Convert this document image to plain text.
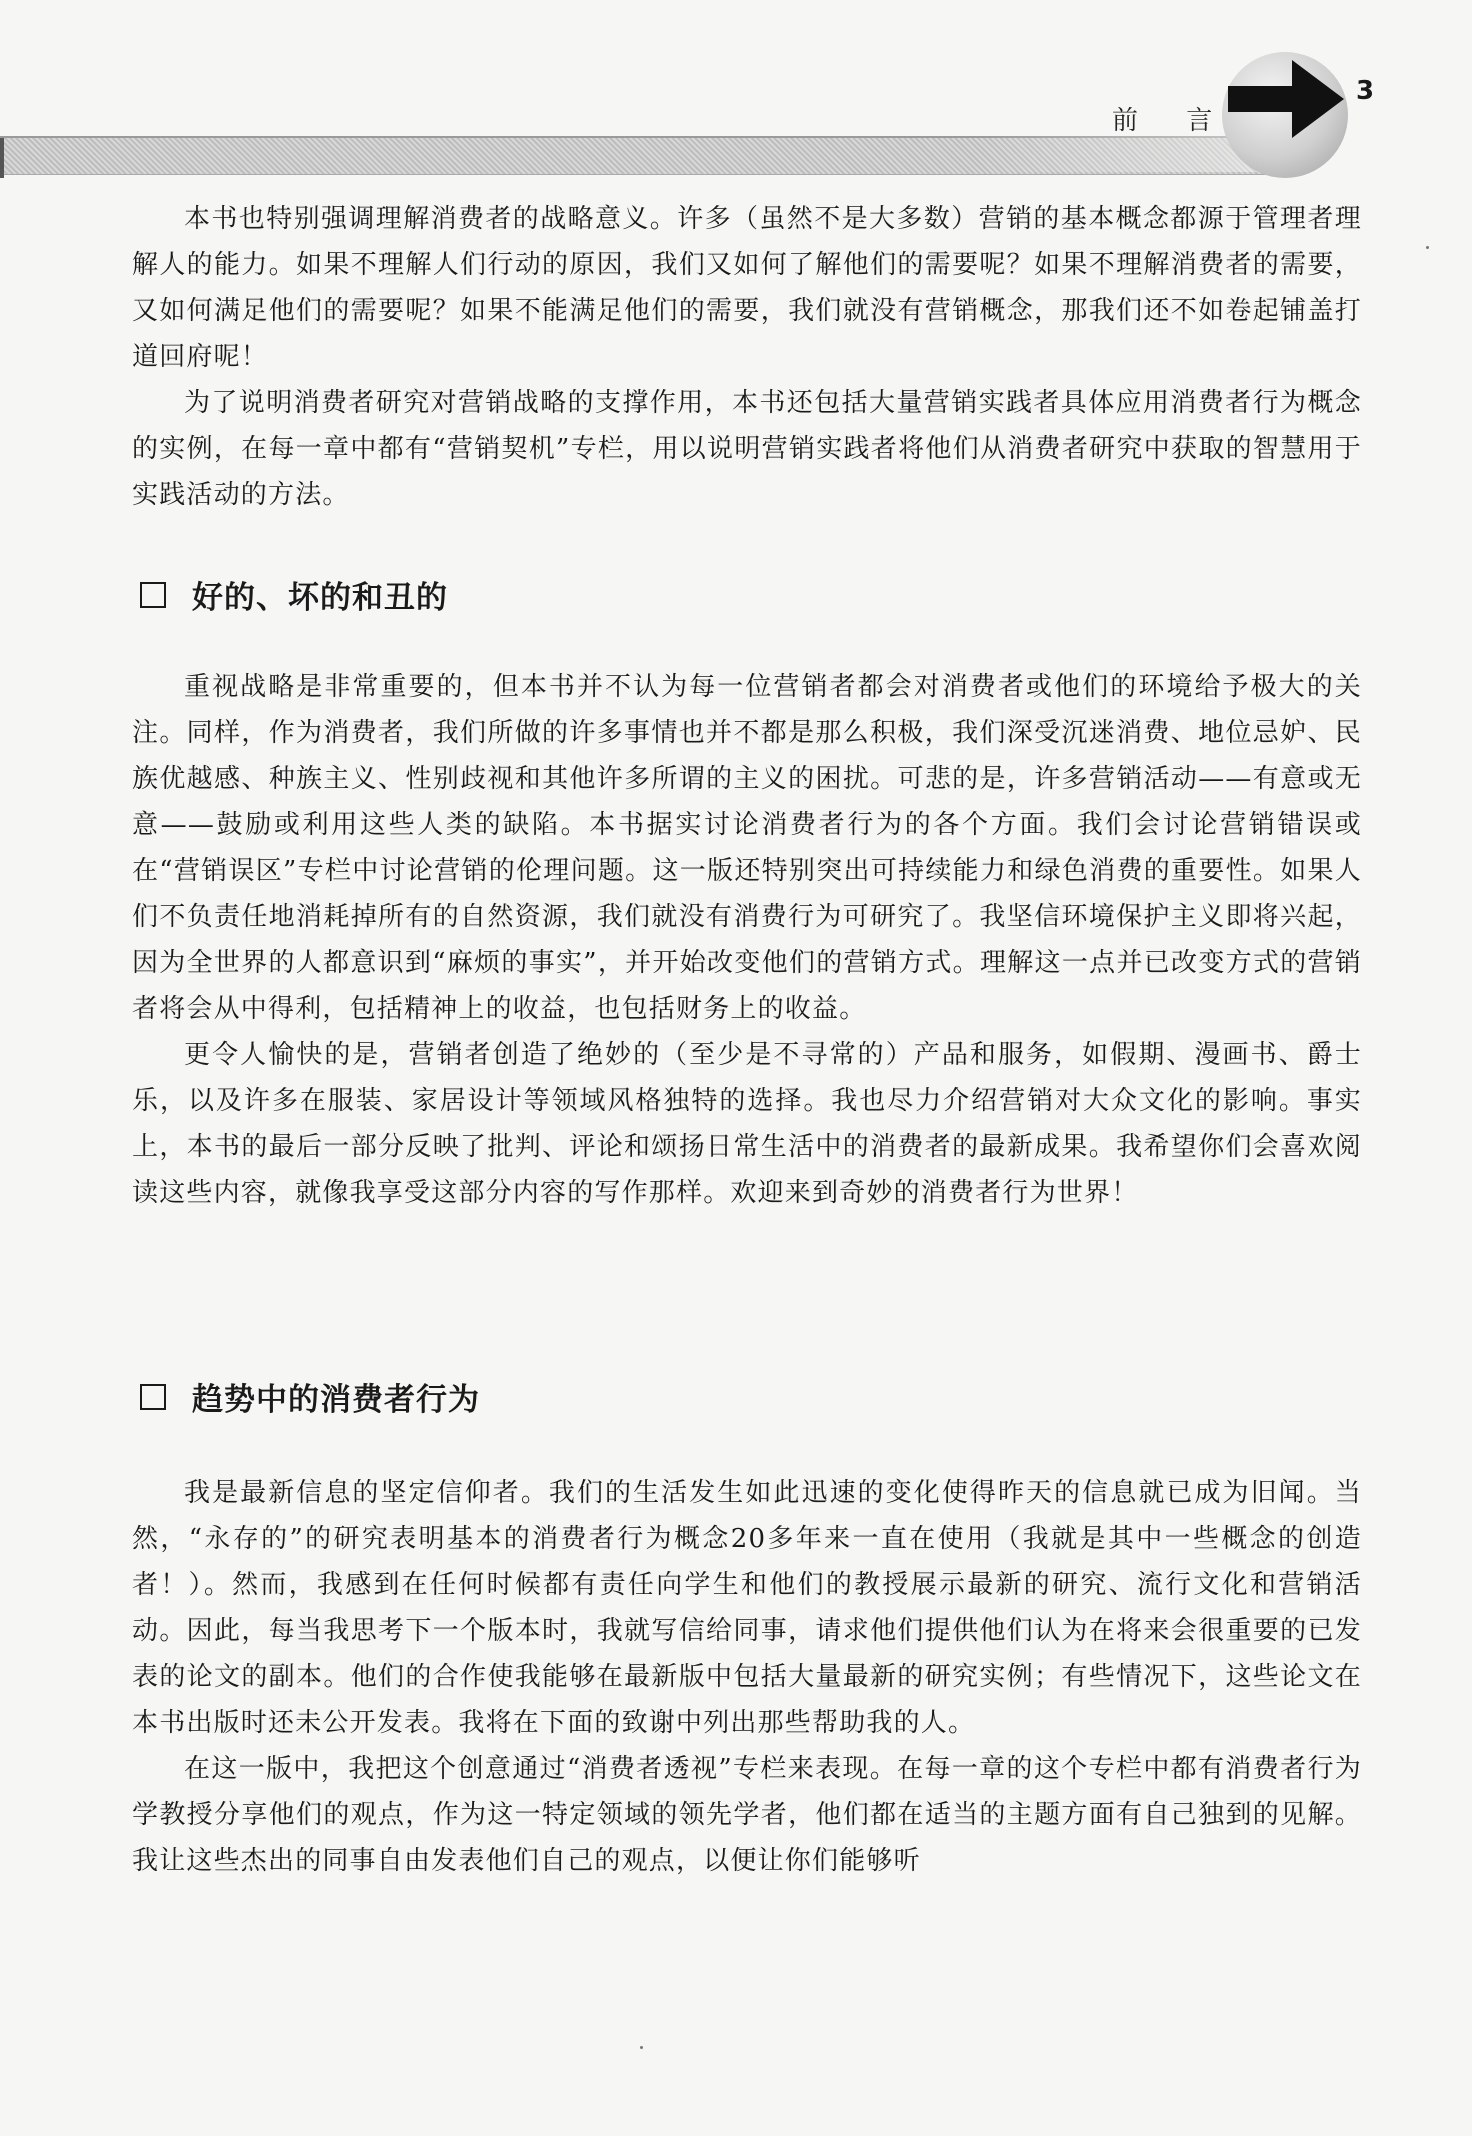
前 言
3

本书也特别强调理解消费者的战略意义。许多（虽然不是大多数）营销的基本概念都源于管理者理解人的能力。如果不理解人们行动的原因，我们又如何了解他们的需要呢？如果不理解消费者的需要，又如何满足他们的需要呢？如果不能满足他们的需要，我们就没有营销概念，那我们还不如卷起铺盖打道回府呢！

为了说明消费者研究对营销战略的支撑作用，本书还包括大量营销实践者具体应用消费者行为概念的实例，在每一章中都有“营销契机”专栏，用以说明营销实践者将他们从消费者研究中获取的智慧用于实践活动的方法。

好的、坏的和丑的

重视战略是非常重要的，但本书并不认为每一位营销者都会对消费者或他们的环境给予极大的关注。同样，作为消费者，我们所做的许多事情也并不都是那么积极，我们深受沉迷消费、地位忌妒、民族优越感、种族主义、性别歧视和其他许多所谓的主义的困扰。可悲的是，许多营销活动——有意或无意——鼓励或利用这些人类的缺陷。本书据实讨论消费者行为的各个方面。我们会讨论营销错误或在“营销误区”专栏中讨论营销的伦理问题。这一版还特别突出可持续能力和绿色消费的重要性。如果人们不负责任地消耗掉所有的自然资源，我们就没有消费行为可研究了。我坚信环境保护主义即将兴起，因为全世界的人都意识到“麻烦的事实”，并开始改变他们的营销方式。理解这一点并已改变方式的营销者将会从中得利，包括精神上的收益，也包括财务上的收益。

更令人愉快的是，营销者创造了绝妙的（至少是不寻常的）产品和服务，如假期、漫画书、爵士乐，以及许多在服装、家居设计等领域风格独特的选择。我也尽力介绍营销对大众文化的影响。事实上，本书的最后一部分反映了批判、评论和颂扬日常生活中的消费者的最新成果。我希望你们会喜欢阅读这些内容，就像我享受这部分内容的写作那样。欢迎来到奇妙的消费者行为世界！

趋势中的消费者行为

我是最新信息的坚定信仰者。我们的生活发生如此迅速的变化使得昨天的信息就已成为旧闻。当然，“永存的”的研究表明基本的消费者行为概念20多年来一直在使用（我就是其中一些概念的创造者！）。然而，我感到在任何时候都有责任向学生和他们的教授展示最新的研究、流行文化和营销活动。因此，每当我思考下一个版本时，我就写信给同事，请求他们提供他们认为在将来会很重要的已发表的论文的副本。他们的合作使我能够在最新版中包括大量最新的研究实例；有些情况下，这些论文在本书出版时还未公开发表。我将在下面的致谢中列出那些帮助我的人。

在这一版中，我把这个创意通过“消费者透视”专栏来表现。在每一章的这个专栏中都有消费者行为学教授分享他们的观点，作为这一特定领域的领先学者，他们都在适当的主题方面有自己独到的见解。我让这些杰出的同事自由发表他们自己的观点，以便让你们能够听
